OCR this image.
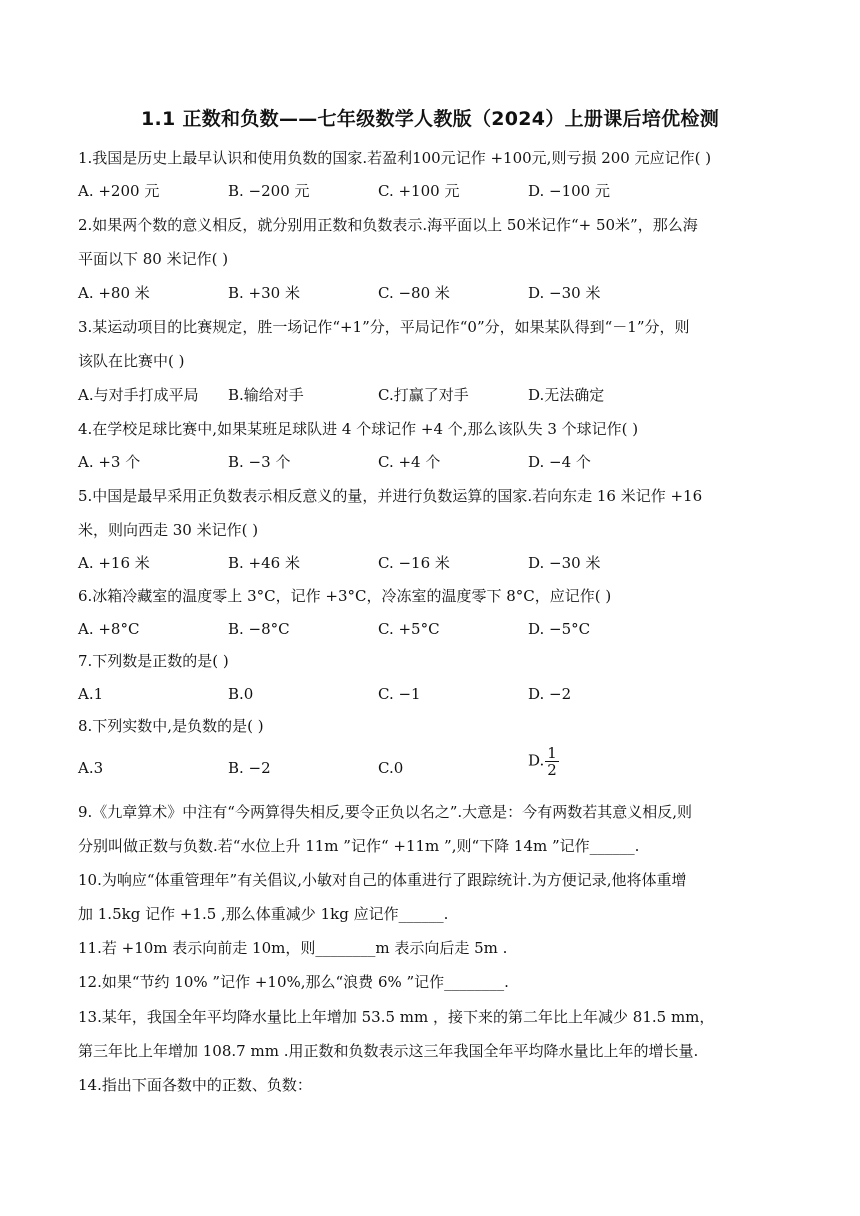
1.1 正数和负数——七年级数学人教版（2024）上册课后培优检测
1.我国是历史上最早认识和使用负数的国家.若盈利100元记作 +100元,则亏损 200 元应记作( )
A. +200 元	B. −200 元	C. +100 元	D. −100 元
2.如果两个数的意义相反，就分别用正数和负数表示.海平面以上 50米记作“+ 50米”，那么海
平面以下 80 米记作( )
A. +80 米	B. +30 米	C. −80 米	D. −30 米
3.某运动项目的比赛规定，胜一场记作“+1”分，平局记作“0”分，如果某队得到“－1”分，则
该队在比赛中( )
A.与对手打成平局 B.输给对手	C.打赢了对手	D.无法确定
4.在学校足球比赛中,如果某班足球队进 4 个球记作 +4 个,那么该队失 3 个球记作( )
A. +3 个	B. −3 个	C. +4 个	D. −4 个
5.中国是最早采用正负数表示相反意义的量，并进行负数运算的国家.若向东走 16 米记作 +16
米，则向西走 30 米记作( )
A. +16 米	B. +46 米	C. −16 米	D. −30 米
6.冰箱冷藏室的温度零上 3°C，记作 +3°C，冷冻室的温度零下 8°C，应记作( )
A. +8°C	B. −8°C	C. +5°C	D. −5°C
7.下列数是正数的是( )
A.1	B.0	C. −1	D. −2
8.下列实数中,是负数的是( )
A.3	B. −2	C.0	D. $\frac{1}{2}$
9.《九章算术》中注有“今两算得失相反,要令正负以名之”.大意是：今有两数若其意义相反,则
分别叫做正数与负数.若“水位上升 11m ”记作“ +11m ”,则“下降 14m ”记作______.
10.为响应“体重管理年”有关倡议,小敏对自己的体重进行了跟踪统计.为方便记录,他将体重增
加 1.5kg 记作 +1.5 ,那么体重减少 1kg 应记作______.
11.若 +10m 表示向前走 10m，则________m 表示向后走 5m .
12.如果“节约 10% ”记作 +10%,那么“浪费 6% ”记作________.
13.某年，我国全年平均降水量比上年增加 53.5 mm ，接下来的第二年比上年减少 81.5 mm，
第三年比上年增加 108.7 mm .用正数和负数表示这三年我国全年平均降水量比上年的增长量.
14.指出下面各数中的正数、负数：
